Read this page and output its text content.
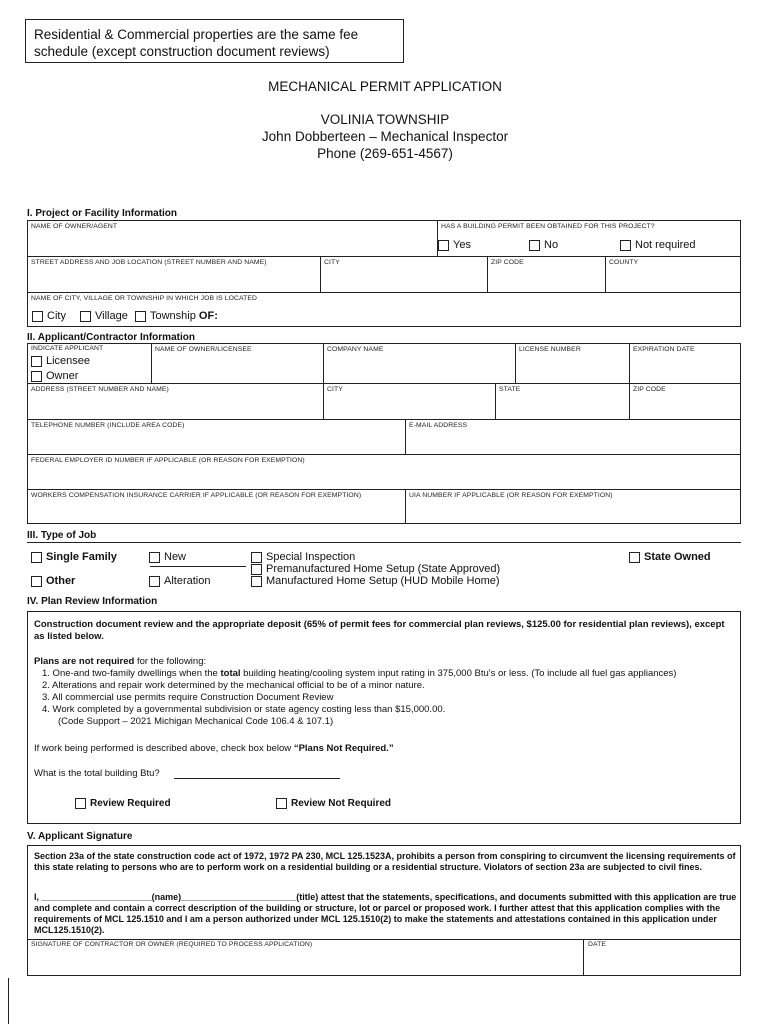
Residential & Commercial properties are the same fee schedule (except construction document reviews)
MECHANICAL PERMIT APPLICATION
VOLINIA TOWNSHIP
John Dobberteen – Mechanical Inspector
Phone (269-651-4567)
I. Project or Facility Information
NAME OF OWNER/AGENT	HAS A BUILDING PERMIT BEEN OBTAINED FOR THIS PROJECT?
Yes	No	Not required
STREET ADDRESS AND JOB LOCATION (STREET NUMBER AND NAME)	CITY	ZIP CODE	COUNTY
NAME OF CITY, VILLAGE OR TOWNSHIP IN WHICH JOB IS LOCATED
City	Village Township
OF:
II. Applicant/Contractor Information
INDICATE APPLICANT
Licensee
Owner
NAME OF OWNER/LICENSEE	COMPANY NAME	LICENSE NUMBER	EXPIRATION DATE
ADDRESS (STREET NUMBER AND NAME)	CITY	STATE	ZIP CODE
TELEPHONE NUMBER (INCLUDE AREA CODE)	E-MAIL ADDRESS
FEDERAL EMPLOYER ID NUMBER IF APPLICABLE (OR REASON FOR EXEMPTION)
WORKERS COMPENSATION INSURANCE CARRIER IF APPLICABLE (OR REASON FOR EXEMPTION)	UIA NUMBER IF APPLICABLE (OR REASON FOR EXEMPTION)
III. Type of Job
Single Family
Other
New
Alteration
Special Inspection
Premanufactured Home Setup (State Approved)
Manufactured Home Setup (HUD Mobile Home)
State Owned
IV. Plan Review Information
Construction document review and the appropriate deposit (65% of permit fees for commercial plan reviews, $125.00 for residential plan reviews), except as listed below.
Plans are not required for the following:
1. One-and two-family dwellings when the total building heating/cooling system input rating in 375,000 Btu's or less. (To include all fuel gas appliances)
2. Alterations and repair work determined by the mechanical official to be of a minor nature.
3. All commercial use permits require Construction Document Review
4. Work completed by a governmental subdivision or state agency costing less than $15,000.00.
(Code Support – 2021 Michigan Mechanical Code 106.4 & 107.1)
If work being performed is described above, check box below “Plans Not Required.”
What is the total building Btu?
Review Required	Review Not Required
V. Applicant Signature
Section 23a of the state construction code act of 1972, 1972 PA 230, MCL 125.1523A, prohibits a person from conspiring to circumvent the licensing requirements of this state relating to persons who are to perform work on a residential building or a residential structure. Violators of section 23a are subjected to civil fines.
I, ______________________(name)_______________________(title) attest that the statements, specifications, and documents submitted with this application are true and complete and contain a correct description of the building or structure, lot or parcel or proposed work. I further attest that this application complies with the requirements of MCL 125.1510 and I am a person authorized under MCL 125.1510(2) to make the statements and attestations contained in this application under MCL125.1510(2).
SIGNATURE OF CONTRACTOR OR OWNER (REQUIRED TO PROCESS APPLICATION)	DATE
